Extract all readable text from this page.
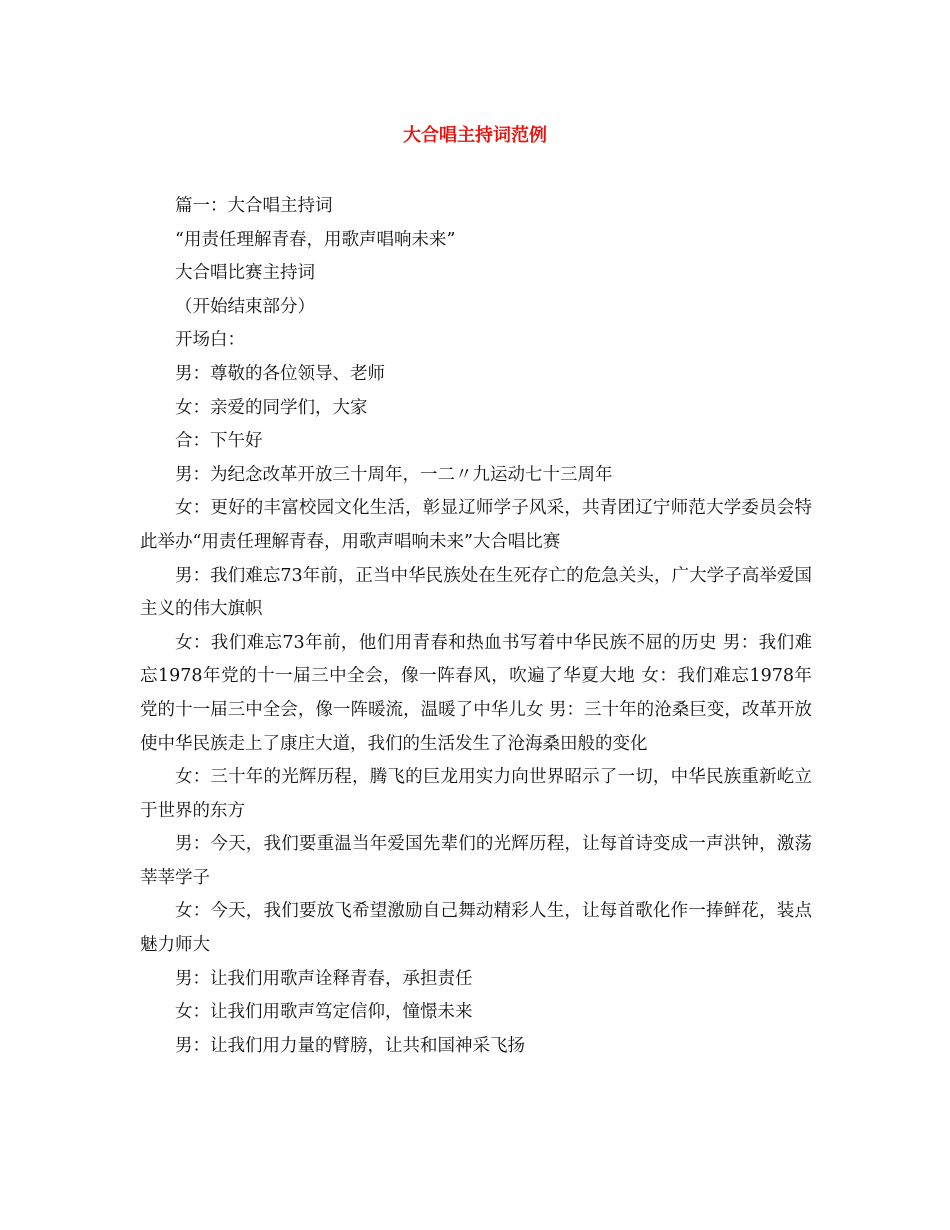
大合唱主持词范例

篇一：大合唱主持词

“用责任理解青春，用歌声唱响未来”

大合唱比赛主持词

（开始结束部分）

开场白：

男：尊敬的各位领导、老师

女：亲爱的同学们，大家

合：下午好

男：为纪念改革开放三十周年，一二〃九运动七十三周年

女：更好的丰富校园文化生活，彰显辽师学子风采，共青团辽宁师范大学委员会特此举办“用责任理解青春，用歌声唱响未来”大合唱比赛

男：我们难忘73年前，正当中华民族处在生死存亡的危急关头，广大学子高举爱国主义的伟大旗帜

女：我们难忘73年前，他们用青春和热血书写着中华民族不屈的历史 男：我们难忘1978年党的十一届三中全会，像一阵春风，吹遍了华夏大地 女：我们难忘1978年党的十一届三中全会，像一阵暖流，温暖了中华儿女 男：三十年的沧桑巨变，改革开放使中华民族走上了康庄大道，我们的生活发生了沧海桑田般的变化

女：三十年的光辉历程，腾飞的巨龙用实力向世界昭示了一切，中华民族重新屹立于世界的东方

男：今天，我们要重温当年爱国先辈们的光辉历程，让每首诗变成一声洪钟，激荡莘莘学子

女：今天，我们要放飞希望激励自己舞动精彩人生，让每首歌化作一捧鲜花，装点魅力师大

男：让我们用歌声诠释青春，承担责任

女：让我们用歌声笃定信仰，憧憬未来

男：让我们用力量的臂膀，让共和国神采飞扬
